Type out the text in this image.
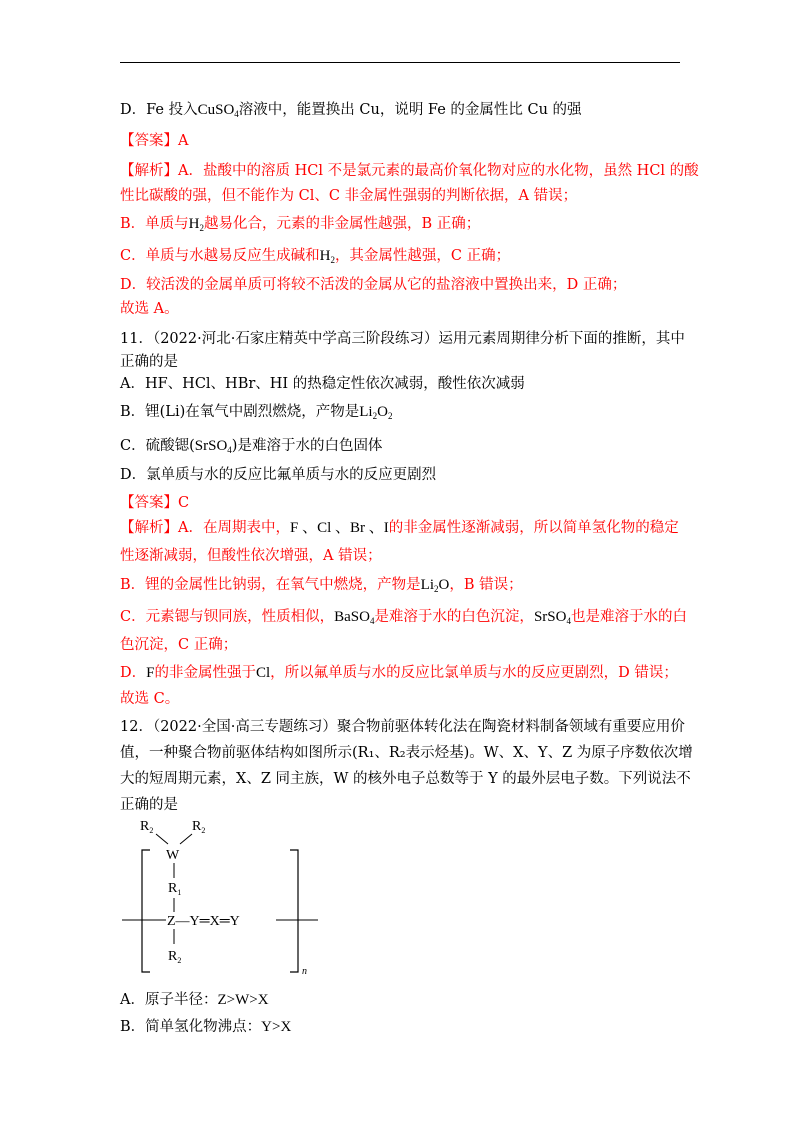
D．Fe 投入CuSO$_4$溶液中，能置换出 Cu，说明 Fe 的金属性比 Cu 的强
【答案】A
【解析】A．盐酸中的溶质 HCl 不是氯元素的最高价氧化物对应的水化物，虽然 HCl 的酸
性比碳酸的强，但不能作为 Cl、C 非金属性强弱的判断依据，A 错误；
B．单质与$H_2$越易化合，元素的非金属性越强，B 正确；
C．单质与水越易反应生成碱和$H_2$，其金属性越强，C 正确；
D．较活泼的金属单质可将较不活泼的金属从它的盐溶液中置换出来，D 正确；
故选 A。
11．（2022·河北·石家庄精英中学高三阶段练习）运用元素周期律分析下面的推断，其中
正确的是
A．HF、HCl、HBr、HI 的热稳定性依次减弱，酸性依次减弱
B．锂(Li)在氧气中剧烈燃烧，产物是$Li_2O_2$
C．硫酸锶(SrSO$_4$)是难溶于水的白色固体
D．氯单质与水的反应比氟单质与水的反应更剧烈
【答案】C
【解析】A．在周期表中，F 、Cl 、Br 、I的非金属性逐渐减弱，所以简单氢化物的稳定
性逐渐减弱，但酸性依次增强，A 错误；
B．锂的金属性比钠弱，在氧气中燃烧，产物是$Li_2O$，B 错误；
C．元素锶与钡同族，性质相似，BaSO$_4$是难溶于水的白色沉淀，SrSO$_4$也是难溶于水的白
色沉淀，C 正确；
D．F的非金属性强于Cl，所以氟单质与水的反应比氯单质与水的反应更剧烈，D 错误；
故选 C。
12．（2022·全国·高三专题练习）聚合物前驱体转化法在陶瓷材料制备领域有重要应用价
值，一种聚合物前驱体结构如图所示(R₁、R₂表示烃基)。W、X、Y、Z 为原子序数依次增
大的短周期元素，X、Z 同主族，W 的核外电子总数等于 Y 的最外层电子数。下列说法不
正确的是
$R_2$	$R_2$
W
$R_1$
n
Z—Y═X═Y
$R_2$
A．原子半径：Z>W>X
B．简单氢化物沸点：Y>X
